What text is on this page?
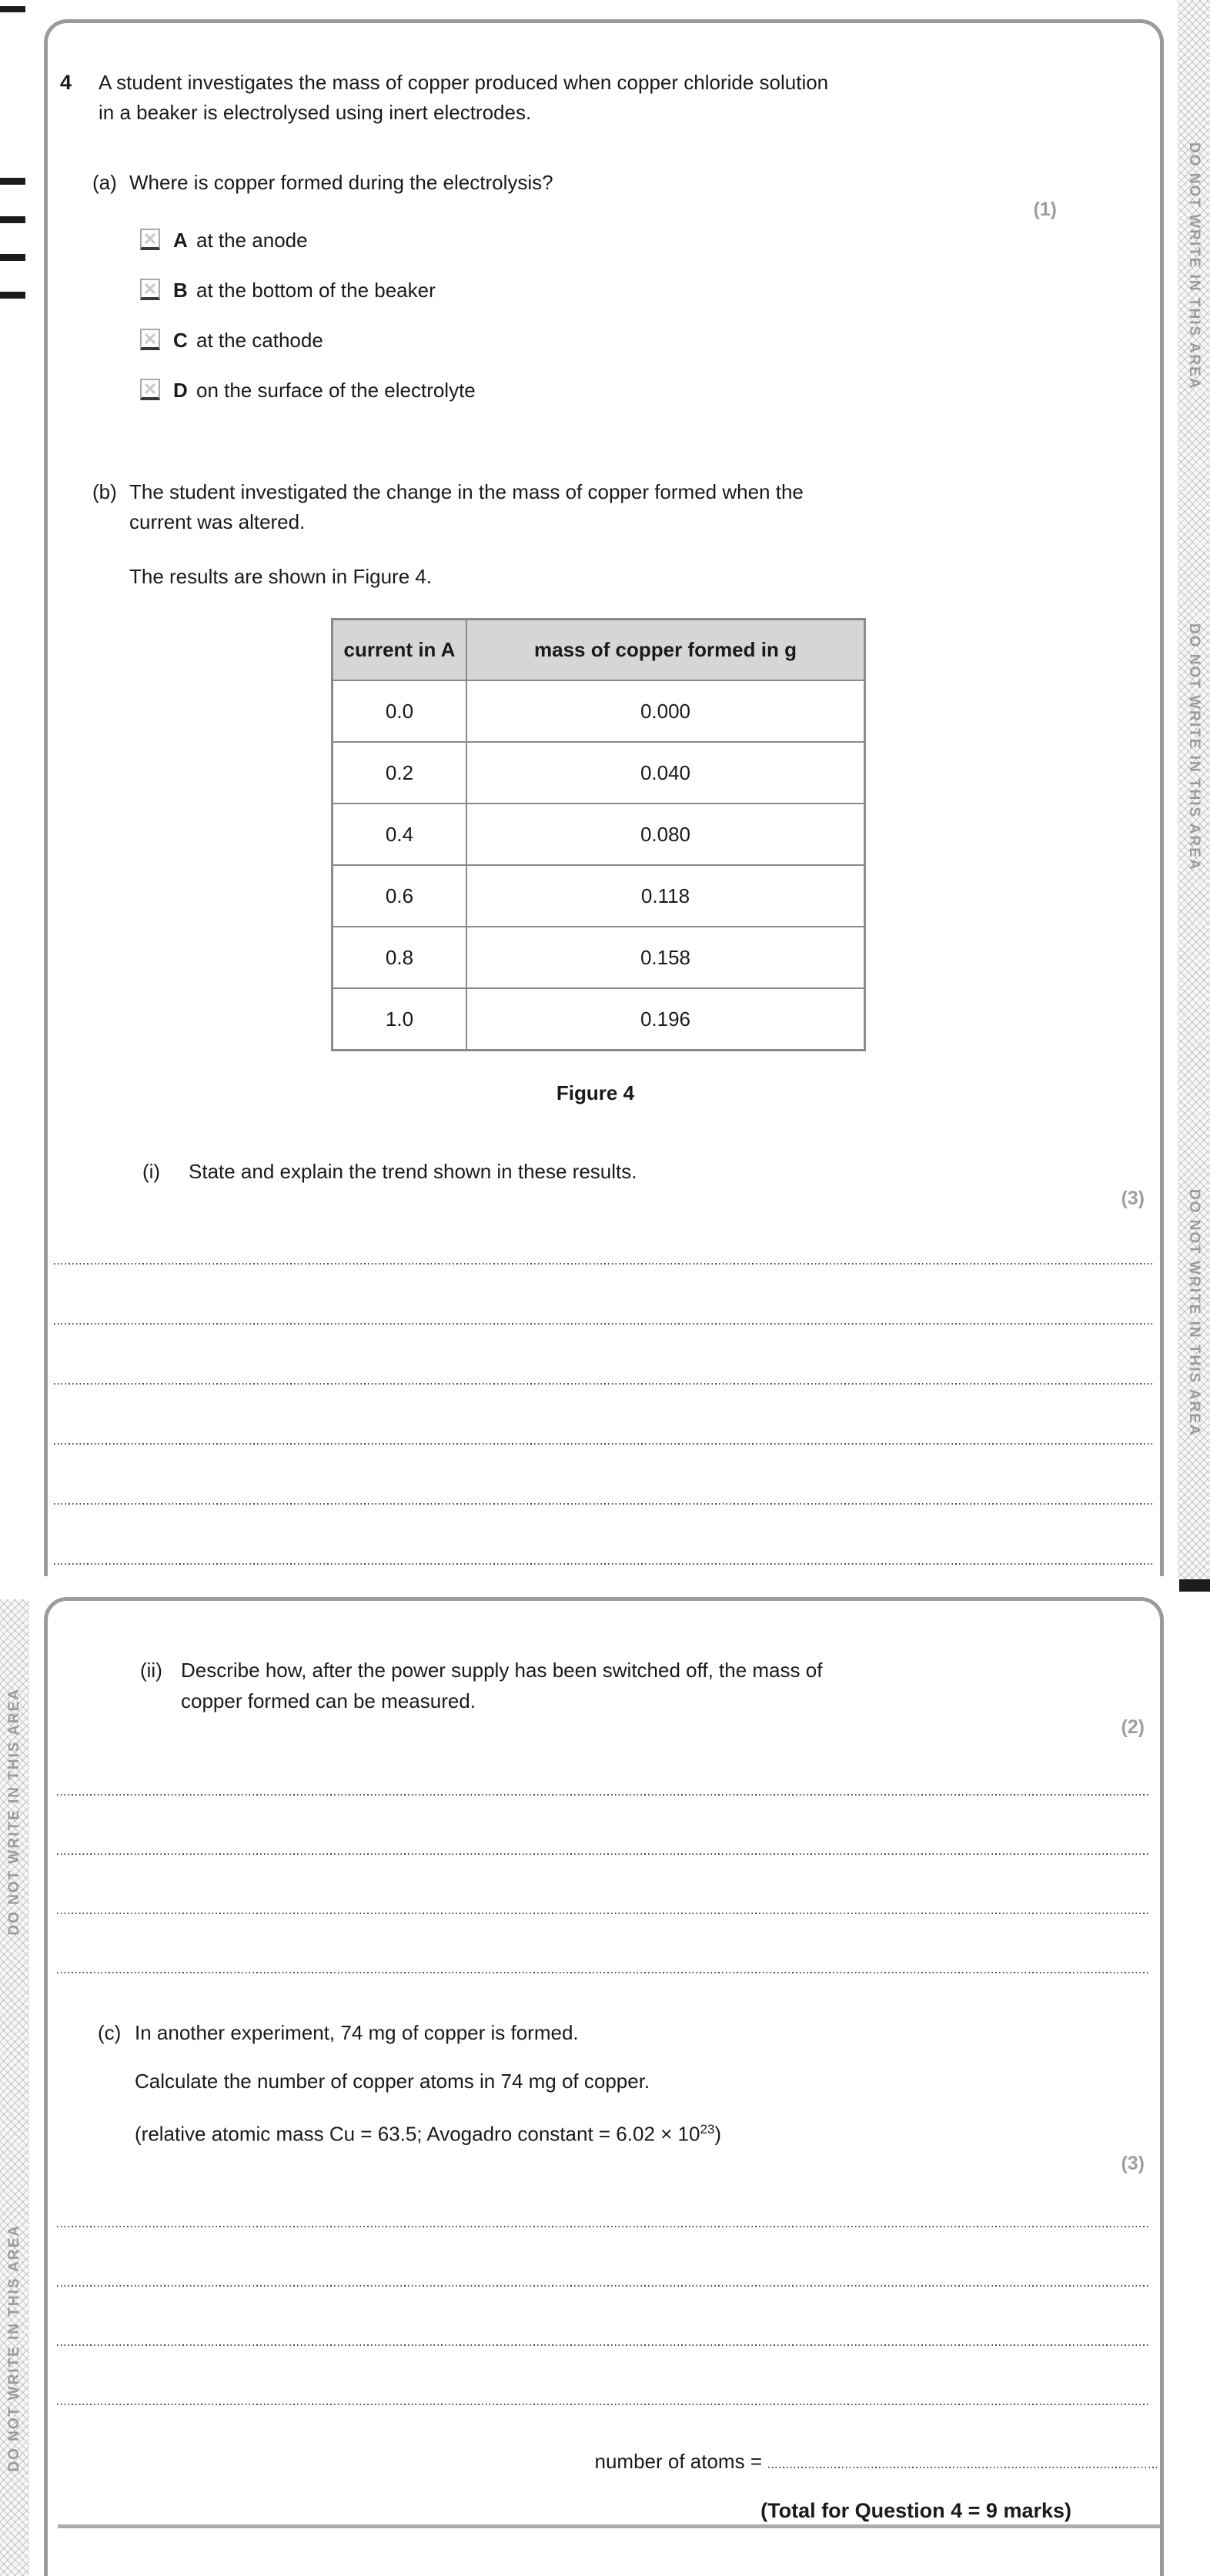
DO NOT WRITE IN THIS AREA
DO NOT WRITE IN THIS AREA
DO NOT WRITE IN THIS AREA
DO NOT WRITE IN THIS AREA
DO NOT WRITE IN THIS AREA
4 A student investigates the mass of copper produced when copper chloride solution
in a beaker is electrolysed using inert electrodes.
(a) Where is copper formed during the electrolysis?
(1)
✕ A at the anode
✕ B at the bottom of the beaker
✕ C at the cathode
✕ D on the surface of the electrolyte
(b) The student investigated the change in the mass of copper formed when the
current was altered.
The results are shown in Figure 4.
current in A	mass of copper formed in g
0.0	0.000
0.2	0.040
0.4	0.080
0.6	0.118
0.8	0.158
1.0	0.196
Figure 4
(i) State and explain the trend shown in these results.
(3)
(ii) Describe how, after the power supply has been switched off, the mass of
copper formed can be measured.
(2)
(c) In another experiment, 74 mg of copper is formed.
Calculate the number of copper atoms in 74 mg of copper.
(relative atomic mass Cu = 63.5; Avogadro constant = $6.02 \times 10^{23}$)
(3)
number of atoms =
(Total for Question 4 = 9 marks)
